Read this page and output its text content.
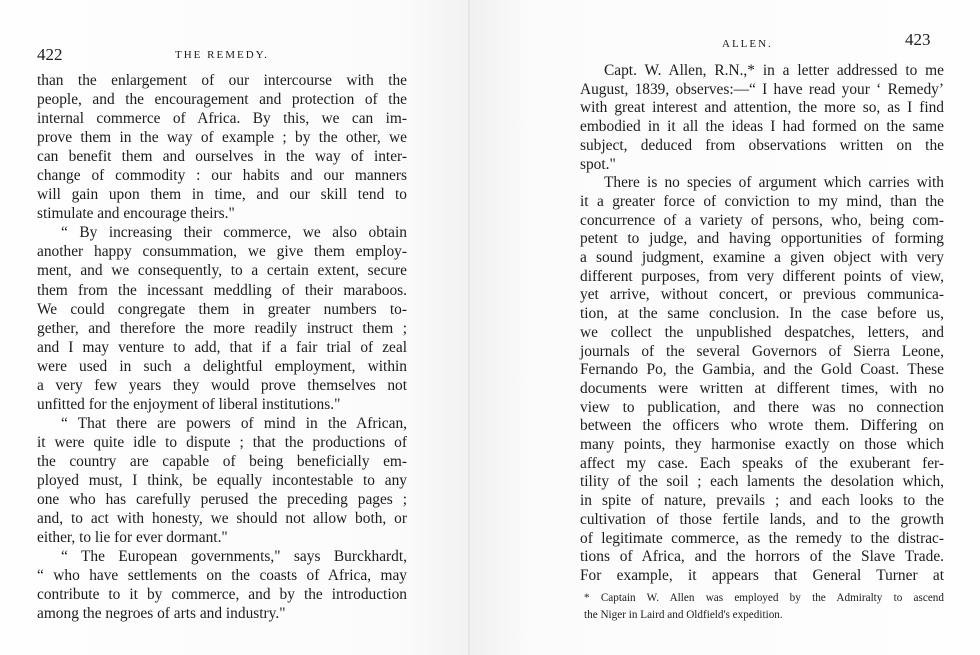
422	THE REMEDY.
than the enlargement of our intercourse with the
people, and the encouragement and protection of the
internal commerce of Africa. By this, we can im-
prove them in the way of example ; by the other, we
can benefit them and ourselves in the way of inter-
change of commodity : our habits and our manners
will gain upon them in time, and our skill tend to
stimulate and encourage theirs."
“ By increasing their commerce, we also obtain
another happy consummation, we give them employ-
ment, and we consequently, to a certain extent, secure
them from the incessant meddling of their maraboos.
We could congregate them in greater numbers to-
gether, and therefore the more readily instruct them ;
and I may venture to add, that if a fair trial of zeal
were used in such a delightful employment, within
a very few years they would prove themselves not
unfitted for the enjoyment of liberal institutions."
“ That there are powers of mind in the African,
it were quite idle to dispute ; that the productions of
the country are capable of being beneficially em-
ployed must, I think, be equally incontestable to any
one who has carefully perused the preceding pages ;
and, to act with honesty, we should not allow both, or
either, to lie for ever dormant."
“ The European governments," says Burckhardt,
“ who have settlements on the coasts of Africa, may
contribute to it by commerce, and by the introduction
among the negroes of arts and industry."
ALLEN.	423
Capt. W. Allen, R.N.,* in a letter addressed to me
August, 1839, observes:—“ I have read your ‘ Remedy’
with great interest and attention, the more so, as I find
embodied in it all the ideas I had formed on the same
subject, deduced from observations written on the
spot."
There is no species of argument which carries with
it a greater force of conviction to my mind, than the
concurrence of a variety of persons, who, being com-
petent to judge, and having opportunities of forming
a sound judgment, examine a given object with very
different purposes, from very different points of view,
yet arrive, without concert, or previous communica-
tion, at the same conclusion. In the case before us,
we collect the unpublished despatches, letters, and
journals of the several Governors of Sierra Leone,
Fernando Po, the Gambia, and the Gold Coast. These
documents were written at different times, with no
view to publication, and there was no connection
between the officers who wrote them. Differing on
many points, they harmonise exactly on those which
affect my case. Each speaks of the exuberant fer-
tility of the soil ; each laments the desolation which,
in spite of nature, prevails ; and each looks to the
cultivation of those fertile lands, and to the growth
of legitimate commerce, as the remedy to the distrac-
tions of Africa, and the horrors of the Slave Trade.
For example, it appears that General Turner at
* Captain W. Allen was employed by the Admiralty to ascend
the Niger in Laird and Oldfield's expedition.
